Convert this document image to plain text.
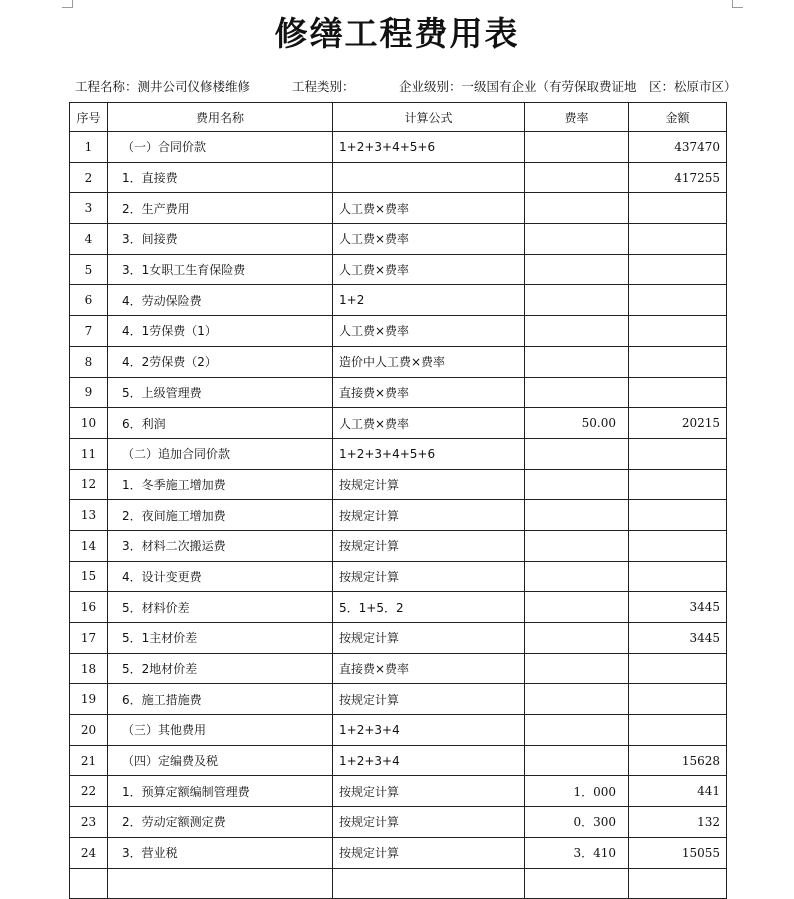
修缮工程费用表
工程名称：测井公司仪修楼维修	工程类别：	企业级别：一级国有企业（有劳保取费证地　区：松原市区）
序号	费用名称	计算公式	费率	金额
1	（一）合同价款	1+2+3+4+5+6		437470
2	1．直接费			417255
3	2．生产费用	人工费×费率		
4	3．间接费	人工费×费率		
5	3．1女职工生育保险费	人工费×费率		
6	4．劳动保险费	1+2		
7	4．1劳保费（1）	人工费×费率		
8	4．2劳保费（2）	造价中人工费×费率		
9	5．上级管理费	直接费×费率		
10	6．利润	人工费×费率	50.00	20215
11	（二）追加合同价款	1+2+3+4+5+6		
12	1．冬季施工增加费	按规定计算		
13	2．夜间施工增加费	按规定计算		
14	3．材料二次搬运费	按规定计算		
15	4．设计变更费	按规定计算		
16	5．材料价差	5．1+5．2		3445
17	5．1主材价差	按规定计算		3445
18	5．2地材价差	直接费×费率		
19	6．施工措施费	按规定计算		
20	（三）其他费用	1+2+3+4		
21	（四）定编费及税	1+2+3+4		15628
22	1．预算定额编制管理费	按规定计算	1．000	441
23	2．劳动定额测定费	按规定计算	0．300	132
24	3．营业税	按规定计算	3．410	15055
